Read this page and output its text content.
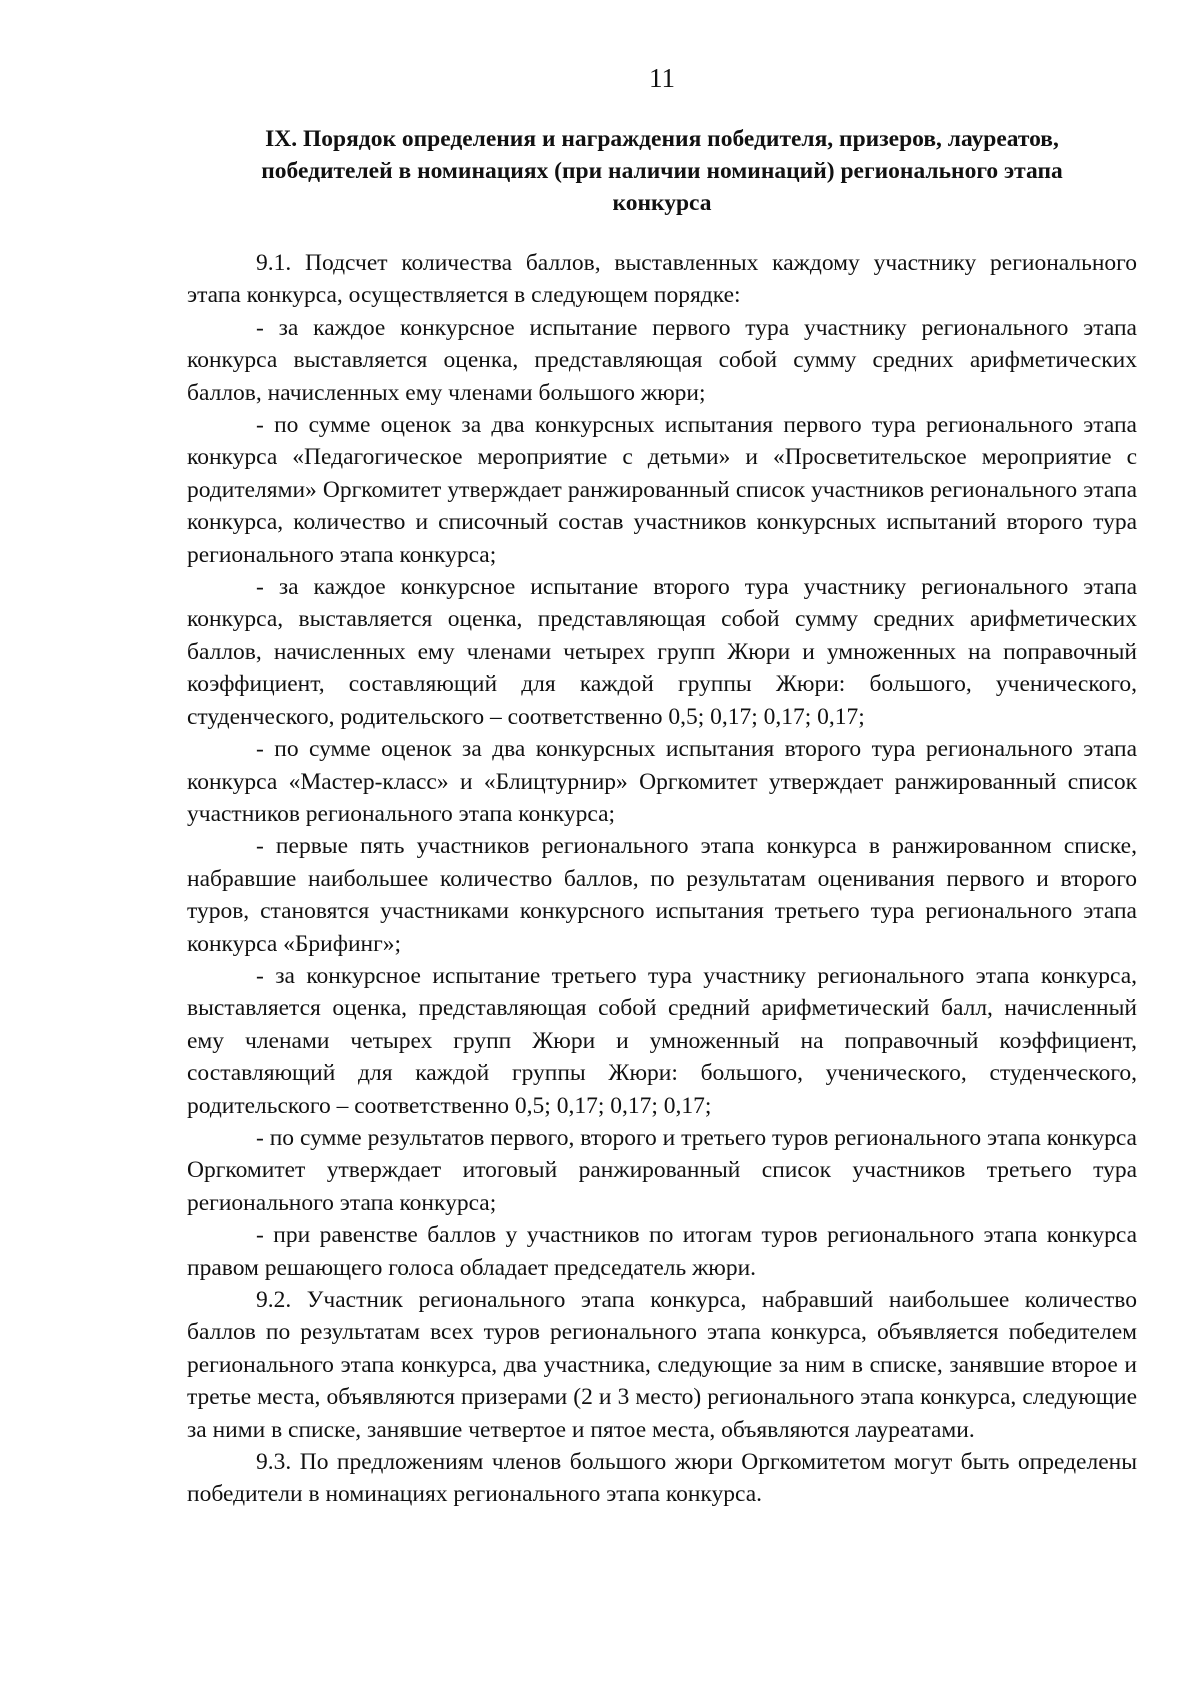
11
IX. Порядок определения и награждения победителя, призеров, лауреатов,
победителей в номинациях (при наличии номинаций) регионального этапа
конкурса

9.1. Подсчет количества баллов, выставленных каждому участнику регионального этапа конкурса, осуществляется в следующем порядке:

- за каждое конкурсное испытание первого тура участнику регионального этапа конкурса выставляется оценка, представляющая собой сумму средних арифметических баллов, начисленных ему членами большого жюри;

- по сумме оценок за два конкурсных испытания первого тура регионального этапа конкурса «Педагогическое мероприятие с детьми» и «Просветительское мероприятие с родителями» Оргкомитет утверждает ранжированный список участников регионального этапа конкурса, количество и списочный состав участников конкурсных испытаний второго тура регионального этапа конкурса;

- за каждое конкурсное испытание второго тура участнику регионального этапа конкурса, выставляется оценка, представляющая собой сумму средних арифметических баллов, начисленных ему членами четырех групп Жюри и умноженных на поправочный коэффициент, составляющий для каждой группы Жюри: большого, ученического, студенческого, родительского – соответственно 0,5; 0,17; 0,17; 0,17;

- по сумме оценок за два конкурсных испытания второго тура регионального этапа конкурса «Мастер-класс» и «Блицтурнир» Оргкомитет утверждает ранжированный список участников регионального этапа конкурса;

- первые пять участников регионального этапа конкурса в ранжированном списке, набравшие наибольшее количество баллов, по результатам оценивания первого и второго туров, становятся участниками конкурсного испытания третьего тура регионального этапа конкурса «Брифинг»;

- за конкурсное испытание третьего тура участнику регионального этапа конкурса, выставляется оценка, представляющая собой средний арифметический балл, начисленный ему членами четырех групп Жюри и умноженный на поправочный коэффициент, составляющий для каждой группы Жюри: большого, ученического, студенческого, родительского – соответственно 0,5; 0,17; 0,17; 0,17;

- по сумме результатов первого, второго и третьего туров регионального этапа конкурса Оргкомитет утверждает итоговый ранжированный список участников третьего тура регионального этапа конкурса;

- при равенстве баллов у участников по итогам туров регионального этапа конкурса правом решающего голоса обладает председатель жюри.

9.2. Участник регионального этапа конкурса, набравший наибольшее количество баллов по результатам всех туров регионального этапа конкурса, объявляется победителем регионального этапа конкурса, два участника, следующие за ним в списке, занявшие второе и третье места, объявляются призерами (2 и 3 место) регионального этапа конкурса, следующие за ними в списке, занявшие четвертое и пятое места, объявляются лауреатами.

9.3. По предложениям членов большого жюри Оргкомитетом могут быть определены победители в номинациях регионального этапа конкурса.
